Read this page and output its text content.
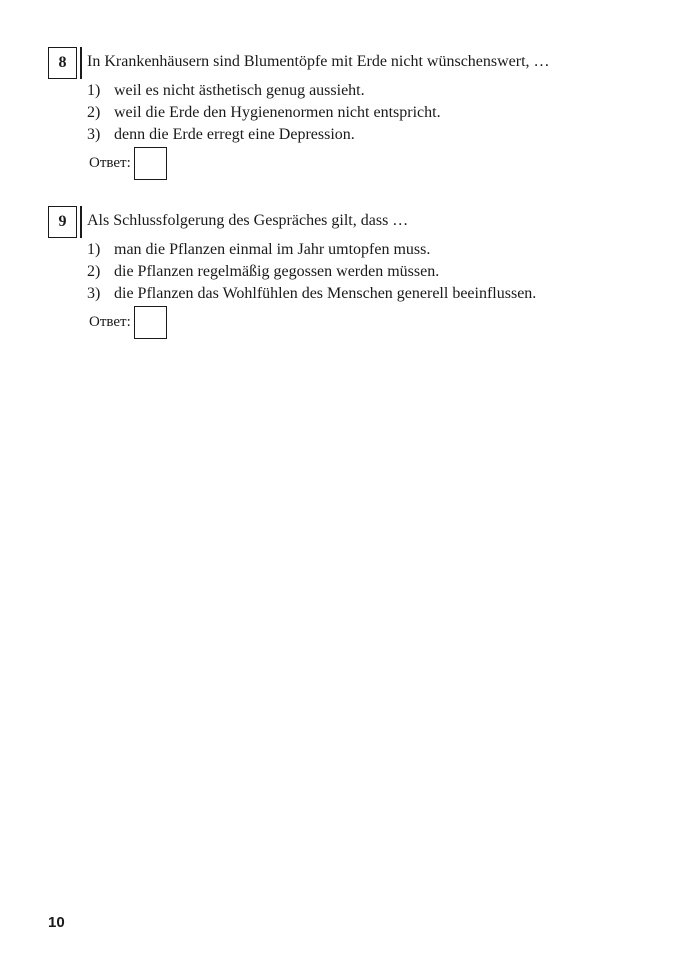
8 In Krankenhäusern sind Blumentöpfe mit Erde nicht wünschenswert, …
1) weil es nicht ästhetisch genug aussieht.
2) weil die Erde den Hygienenormen nicht entspricht.
3) denn die Erde erregt eine Depression.
Ответ:
9 Als Schlussfolgerung des Gespräches gilt, dass …
1) man die Pflanzen einmal im Jahr umtopfen muss.
2) die Pflanzen regelmäßig gegossen werden müssen.
3) die Pflanzen das Wohlfühlen des Menschen generell beeinflussen.
Ответ:
10
